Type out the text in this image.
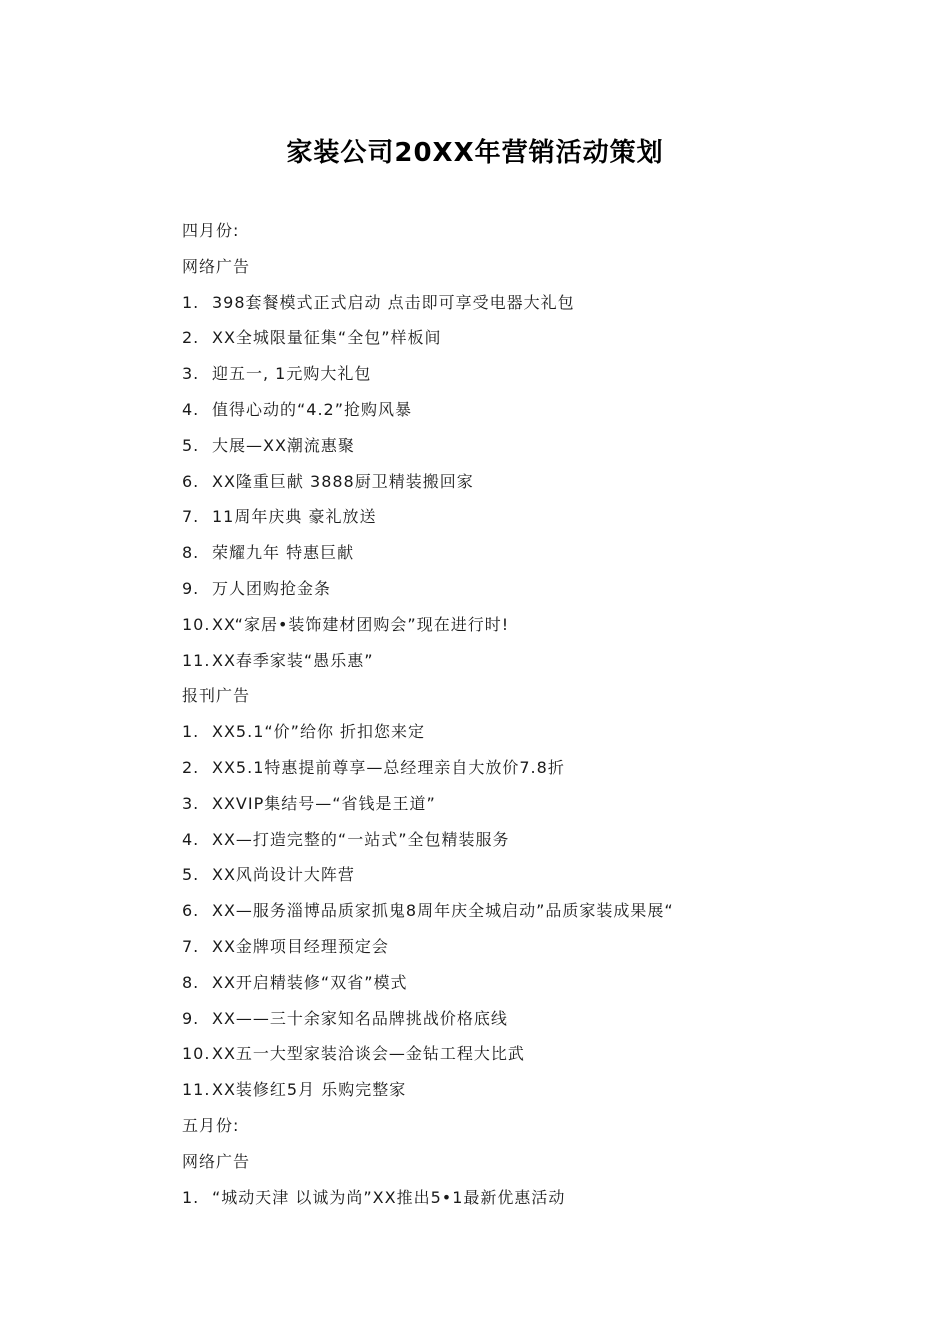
家装公司20XX年营销活动策划
四月份:
网络广告
1. 398套餐模式正式启动 点击即可享受电器大礼包
2. XX全城限量征集“全包”样板间
3. 迎五一, 1元购大礼包
4. 值得心动的“4.2”抢购风暴
5. 大展—XX潮流惠聚
6. XX隆重巨献 3888厨卫精装搬回家
7. 11周年庆典 豪礼放送
8. 荣耀九年 特惠巨献
9. 万人团购抢金条
10. XX“家居•装饰建材团购会”现在进行时!
11. XX春季家装“愚乐惠”
报刊广告
1. XX5.1“价”给你 折扣您来定
2. XX5.1特惠提前尊享—总经理亲自大放价7.8折
3. XXVIP集结号—“省钱是王道”
4. XX—打造完整的“一站式”全包精装服务
5. XX风尚设计大阵营
6. XX—服务淄博品质家抓鬼8周年庆全城启动”品质家装成果展“
7. XX金牌项目经理预定会
8. XX开启精装修“双省”模式
9. XX——三十余家知名品牌挑战价格底线
10. XX五一大型家装洽谈会—金钻工程大比武
11. XX装修红5月 乐购完整家
五月份:
网络广告
1. “城动天津 以诚为尚”XX推出5•1最新优惠活动
